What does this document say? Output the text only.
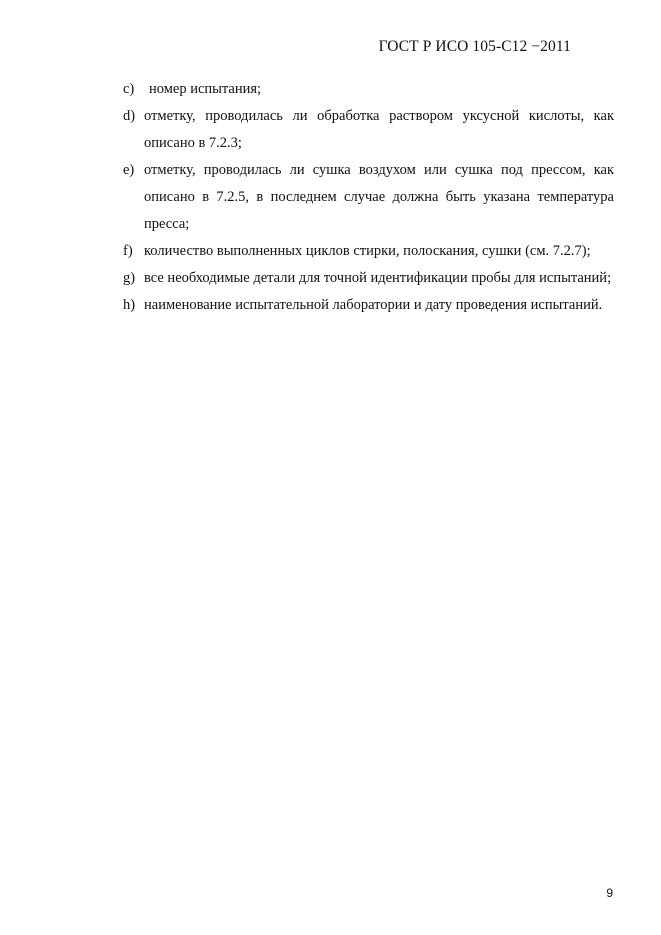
ГОСТ Р ИСО 105-С12 −2011
c)	номер испытания;
d) отметку, проводилась ли обработка раствором уксусной кислоты, как описано в 7.2.3;
e) отметку, проводилась ли сушка воздухом или сушка под прессом, как описано в 7.2.5, в последнем случае должна быть указана температура пресса;
f) количество выполненных циклов стирки, полоскания, сушки (см. 7.2.7);
g) все необходимые детали для точной идентификации пробы для испытаний;
h) наименование испытательной лаборатории и дату проведения испытаний.
9
